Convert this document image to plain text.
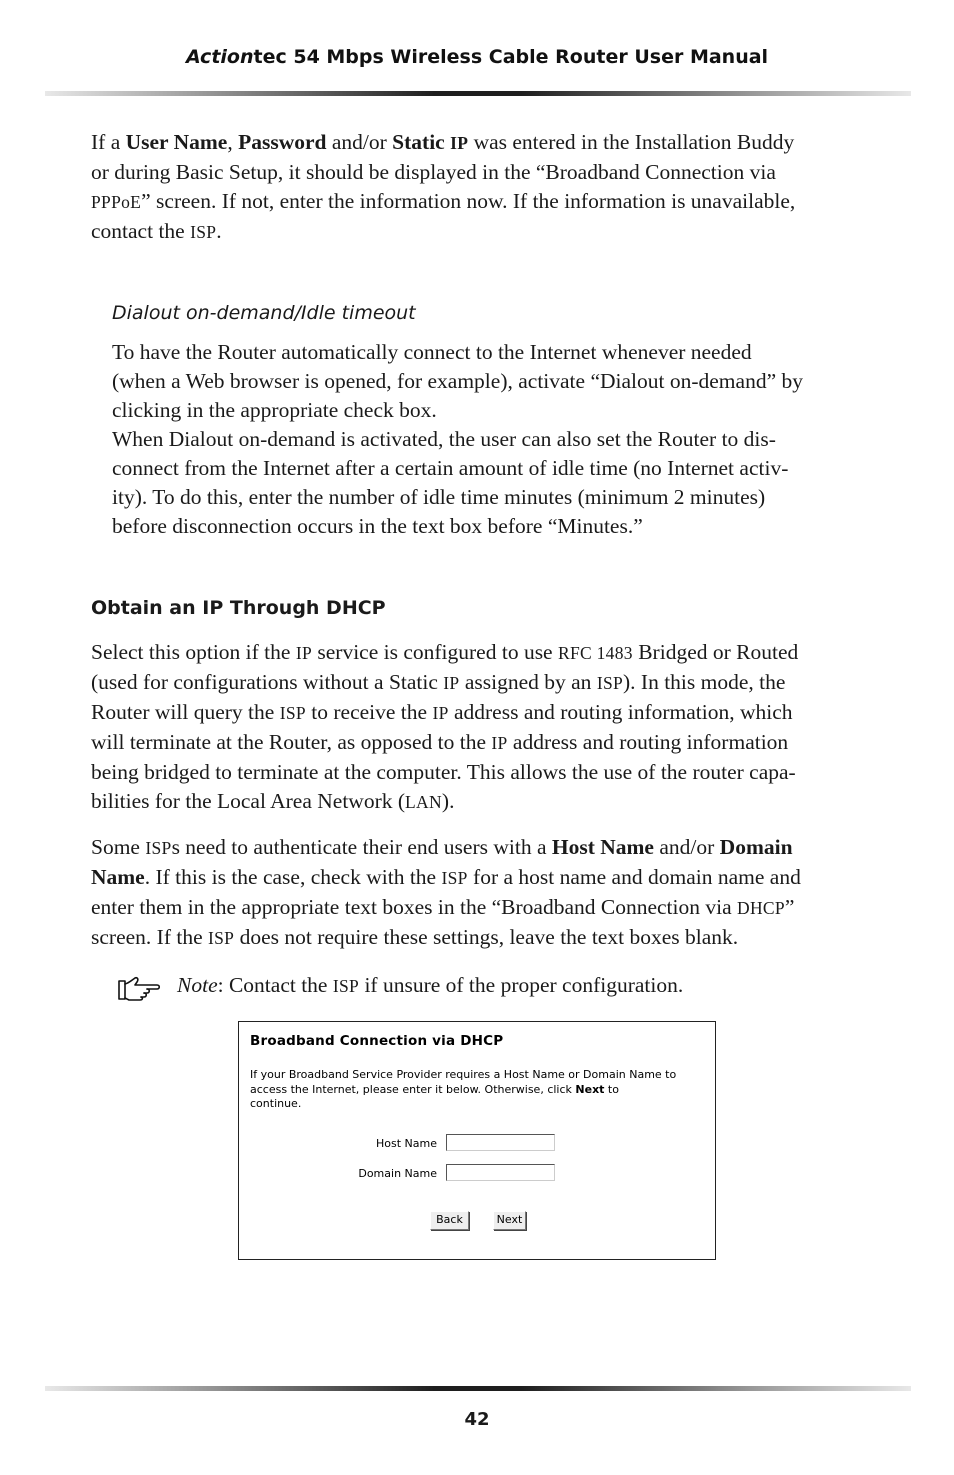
Actiontec 54 Mbps Wireless Cable Router User Manual
If a User Name, Password and/or Static IP was entered in the Installation Buddy
or during Basic Setup, it should be displayed in the “Broadband Connection via
PPPoE” screen. If not, enter the information now. If the information is unavailable,
contact the ISP.
Dialout on-demand/Idle timeout
To have the Router automatically connect to the Internet whenever needed
(when a Web browser is opened, for example), activate “Dialout on-demand” by
clicking in the appropriate check box.
When Dialout on-demand is activated, the user can also set the Router to dis-
connect from the Internet after a certain amount of idle time (no Internet activ-
ity). To do this, enter the number of idle time minutes (minimum 2 minutes)
before disconnection occurs in the text box before “Minutes.”
Obtain an IP Through DHCP
Select this option if the IP service is configured to use RFC 1483 Bridged or Routed
(used for configurations without a Static IP assigned by an ISP). In this mode, the
Router will query the ISP to receive the IP address and routing information, which
will terminate at the Router, as opposed to the IP address and routing information
being bridged to terminate at the computer. This allows the use of the router capa-
bilities for the Local Area Network (LAN).
Some ISPs need to authenticate their end users with a Host Name and/or Domain
Name. If this is the case, check with the ISP for a host name and domain name and
enter them in the appropriate text boxes in the “Broadband Connection via DHCP”
screen. If the ISP does not require these settings, leave the text boxes blank.
Note: Contact the ISP if unsure of the proper configuration.
Broadband Connection via DHCP
If your Broadband Service Provider requires a Host Name or Domain Name to
access the Internet, please enter it below. Otherwise, click Next to
continue.
Host Name
Domain Name
Back	Next
42
